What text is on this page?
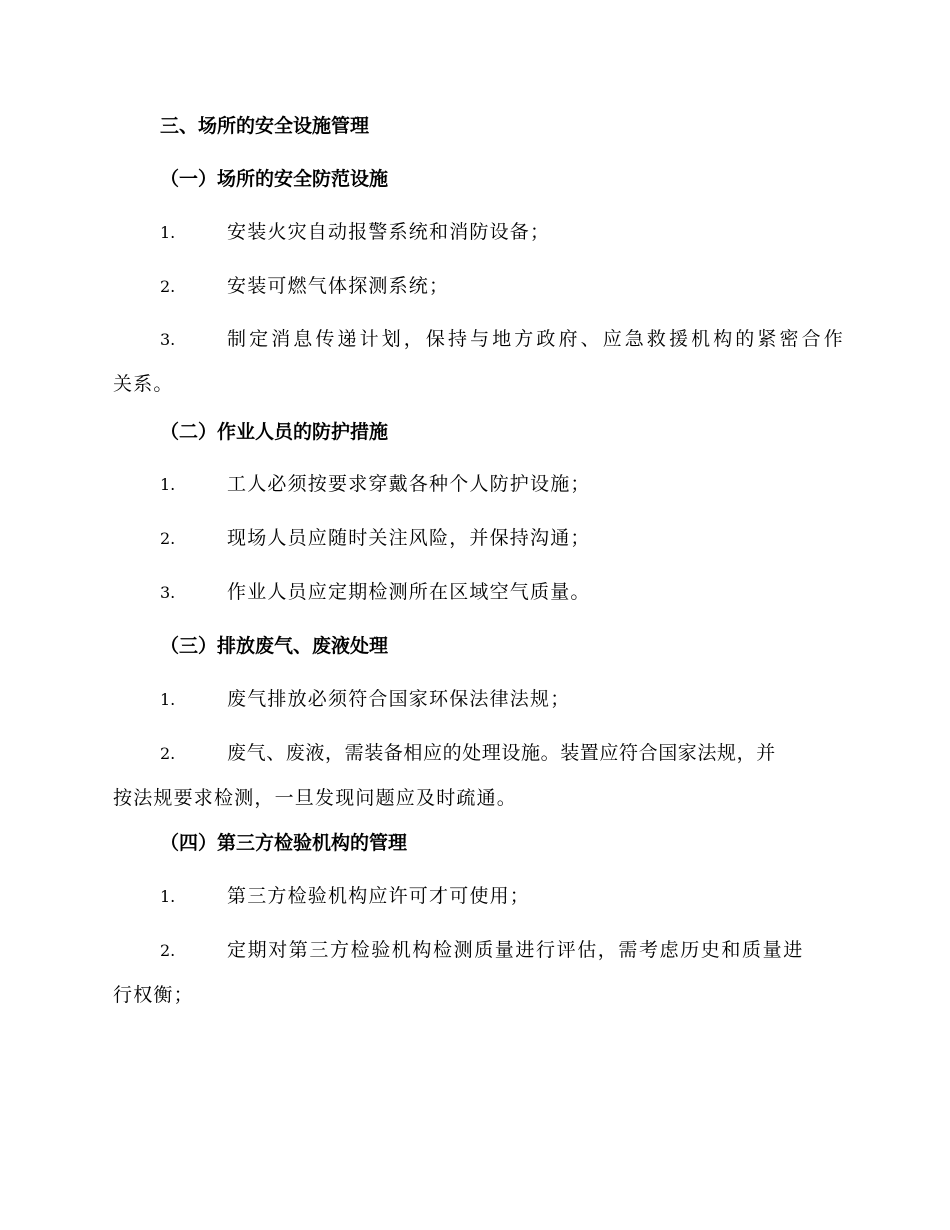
三、场所的安全设施管理
（一）场所的安全防范设施
1.	安装火灾自动报警系统和消防设备；
2.	安装可燃气体探测系统；
3.	制定消息传递计划，保持与地方政府、应急救援机构的紧密合作
关系。
（二）作业人员的防护措施
1.	工人必须按要求穿戴各种个人防护设施；
2.	现场人员应随时关注风险，并保持沟通；
3.	作业人员应定期检测所在区域空气质量。
（三）排放废气、废液处理
1.	废气排放必须符合国家环保法律法规；
2.	废气、废液，需装备相应的处理设施。装置应符合国家法规，并
按法规要求检测，一旦发现问题应及时疏通。
（四）第三方检验机构的管理
1.	第三方检验机构应许可才可使用；
2.	定期对第三方检验机构检测质量进行评估，需考虑历史和质量进
行权衡；
